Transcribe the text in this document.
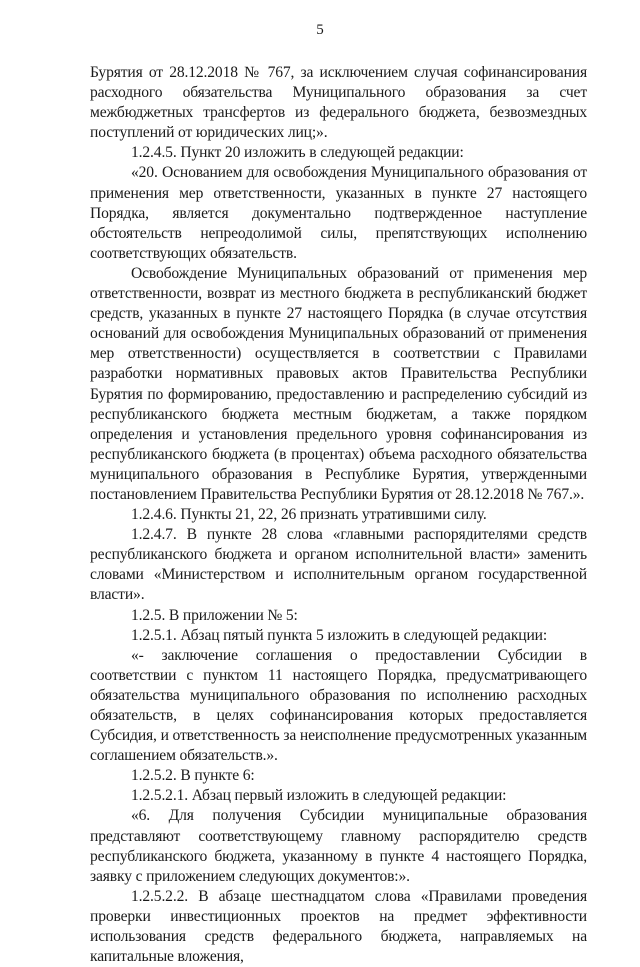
5

Бурятия от 28.12.2018 № 767, за исключением случая софинансирования расходного обязательства Муниципального образования за счет межбюджетных трансфертов из федерального бюджета, безвозмездных поступлений от юридических лиц;».

1.2.4.5. Пункт 20 изложить в следующей редакции:

«20. Основанием для освобождения Муниципального образования от применения мер ответственности, указанных в пункте 27 настоящего Порядка, является документально подтвержденное наступление обстоятельств непреодолимой силы, препятствующих исполнению соответствующих обязательств.

Освобождение Муниципальных образований от применения мер ответственности, возврат из местного бюджета в республиканский бюджет средств, указанных в пункте 27 настоящего Порядка (в случае отсутствия оснований для освобождения Муниципальных образований от применения мер ответственности) осуществляется в соответствии с Правилами разработки нормативных правовых актов Правительства Республики Бурятия по формированию, предоставлению и распределению субсидий из республиканского бюджета местным бюджетам, а также порядком определения и установления предельного уровня софинансирования из республиканского бюджета (в процентах) объема расходного обязательства муниципального образования в Республике Бурятия, утвержденными постановлением Правительства Республики Бурятия от 28.12.2018 № 767.».

1.2.4.6. Пункты 21, 22, 26 признать утратившими силу.

1.2.4.7. В пункте 28 слова «главными распорядителями средств республиканского бюджета и органом исполнительной власти» заменить словами «Министерством и исполнительным органом государственной власти».

1.2.5. В приложении № 5:

1.2.5.1. Абзац пятый пункта 5 изложить в следующей редакции:

«- заключение соглашения о предоставлении Субсидии в соответствии с пунктом 11 настоящего Порядка, предусматривающего обязательства муниципального образования по исполнению расходных обязательств, в целях софинансирования которых предоставляется Субсидия, и ответственность за неисполнение предусмотренных указанным соглашением обязательств.».

1.2.5.2. В пункте 6:

1.2.5.2.1. Абзац первый изложить в следующей редакции:

«6. Для получения Субсидии муниципальные образования представляют соответствующему главному распорядителю средств республиканского бюджета, указанному в пункте 4 настоящего Порядка, заявку с приложением следующих документов:».

1.2.5.2.2. В абзаце шестнадцатом слова «Правилами проведения проверки инвестиционных проектов на предмет эффективности использования средств федерального бюджета, направляемых на капитальные вложения,
